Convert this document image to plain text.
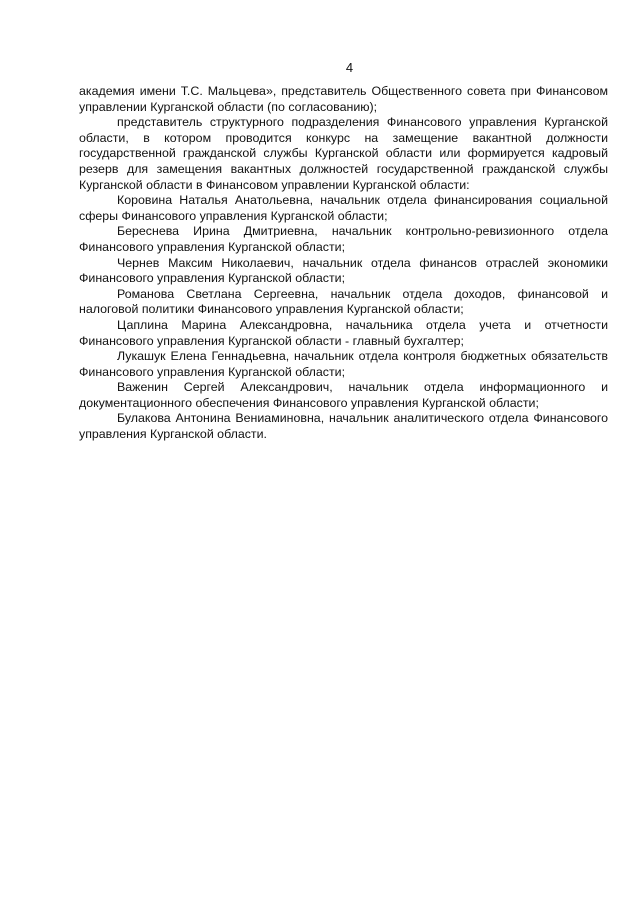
4

академия имени Т.С. Мальцева», представитель Общественного совета при Финансовом управлении Курганской области (по согласованию);

представитель структурного подразделения Финансового управления Курганской области, в котором проводится конкурс на замещение вакантной должности государственной гражданской службы Курганской области или формируется кадровый резерв для замещения вакантных должностей государственной гражданской службы Курганской области в Финансовом управлении Курганской области:

Коровина Наталья Анатольевна, начальник отдела финансирования социальной сферы Финансового управления Курганской области;

Береснева Ирина Дмитриевна, начальник контрольно-ревизионного отдела Финансового управления Курганской области;

Чернев Максим Николаевич, начальник отдела финансов отраслей экономики Финансового управления Курганской области;

Романова Светлана Сергеевна, начальник отдела доходов, финансовой и налоговой политики Финансового управления Курганской области;

Цаплина Марина Александровна, начальника отдела учета и отчетности Финансового управления Курганской области - главный бухгалтер;

Лукашук Елена Геннадьевна, начальник отдела контроля бюджетных обязательств Финансового управления Курганской области;

Важенин Сергей Александрович, начальник отдела информационного и документационного обеспечения Финансового управления Курганской области;

Булакова Антонина Вениаминовна, начальник аналитического отдела Финансового управления Курганской области.
